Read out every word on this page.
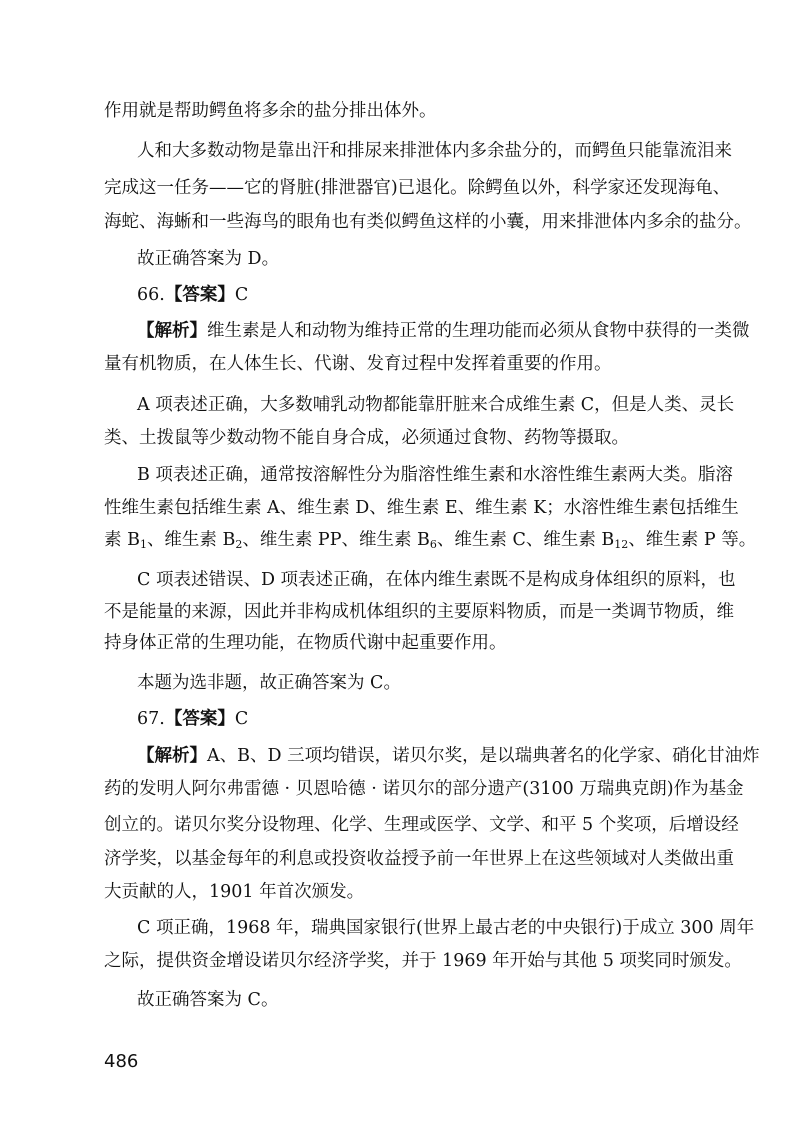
作用就是帮助鳄鱼将多余的盐分排出体外。
人和大多数动物是靠出汗和排尿来排泄体内多余盐分的，而鳄鱼只能靠流泪来
完成这一任务——它的肾脏(排泄器官)已退化。除鳄鱼以外，科学家还发现海龟、
海蛇、海蜥和一些海鸟的眼角也有类似鳄鱼这样的小囊，用来排泄体内多余的盐分。
故正确答案为 D。
66.【答案】C
【解析】维生素是人和动物为维持正常的生理功能而必须从食物中获得的一类微
量有机物质，在人体生长、代谢、发育过程中发挥着重要的作用。
A 项表述正确，大多数哺乳动物都能靠肝脏来合成维生素 C，但是人类、灵长
类、土拨鼠等少数动物不能自身合成，必须通过食物、药物等摄取。
B 项表述正确，通常按溶解性分为脂溶性维生素和水溶性维生素两大类。脂溶
性维生素包括维生素 A、维生素 D、维生素 E、维生素 K；水溶性维生素包括维生
素 $B_1$、维生素 $B_2$、维生素 PP、维生素 $B_6$、维生素 C、维生素 $B_{12}$、维生素 P 等。
C 项表述错误、D 项表述正确，在体内维生素既不是构成身体组织的原料，也
不是能量的来源，因此并非构成机体组织的主要原料物质，而是一类调节物质，维
持身体正常的生理功能，在物质代谢中起重要作用。
本题为选非题，故正确答案为 C。
67.【答案】C
【解析】A、B、D 三项均错误，诺贝尔奖，是以瑞典著名的化学家、硝化甘油炸
药的发明人阿尔弗雷德 · 贝恩哈德 · 诺贝尔的部分遗产(3100 万瑞典克朗)作为基金
创立的。诺贝尔奖分设物理、化学、生理或医学、文学、和平 5 个奖项，后增设经
济学奖，以基金每年的利息或投资收益授予前一年世界上在这些领域对人类做出重
大贡献的人，1901 年首次颁发。
C 项正确，1968 年，瑞典国家银行(世界上最古老的中央银行)于成立 300 周年
之际，提供资金增设诺贝尔经济学奖，并于 1969 年开始与其他 5 项奖同时颁发。
故正确答案为 C。
486
